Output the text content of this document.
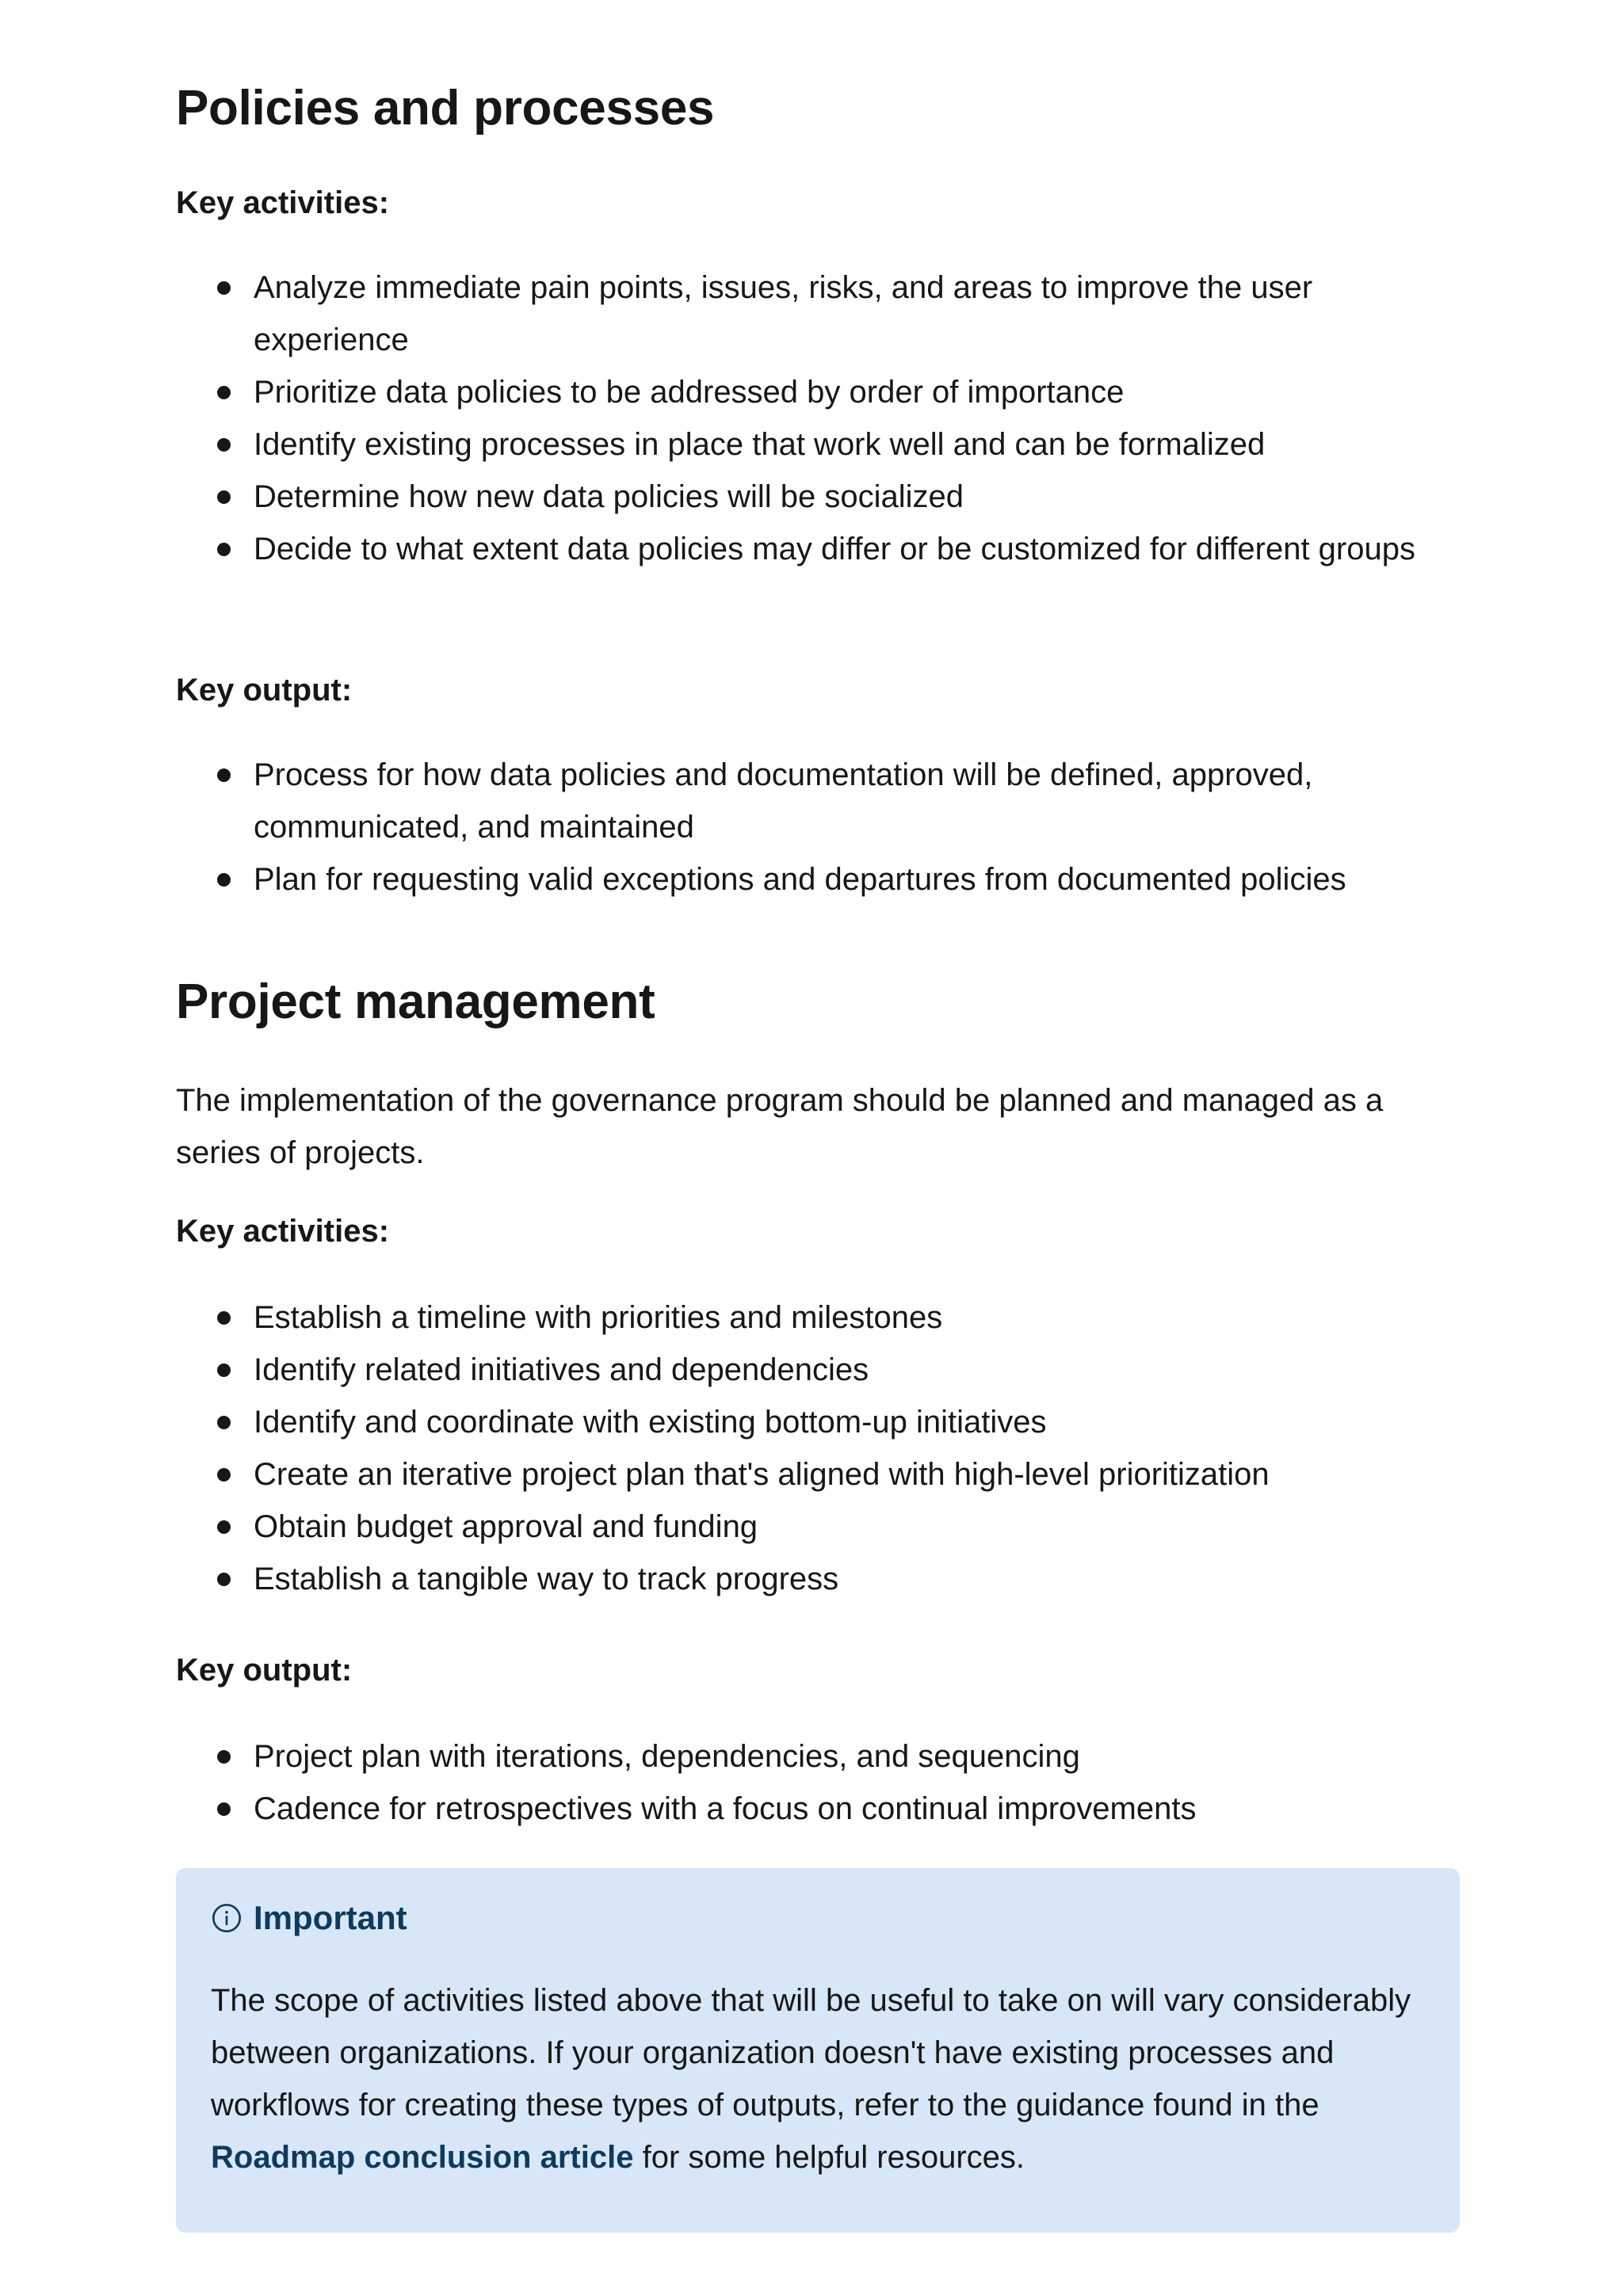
Policies and processes

Key activities:

Analyze immediate pain points, issues, risks, and areas to improve the user experience
Prioritize data policies to be addressed by order of importance
Identify existing processes in place that work well and can be formalized
Determine how new data policies will be socialized
Decide to what extent data policies may differ or be customized for different groups

Key output:

Process for how data policies and documentation will be defined, approved, communicated, and maintained
Plan for requesting valid exceptions and departures from documented policies
Project management

The implementation of the governance program should be planned and managed as a series of projects.

Key activities:

Establish a timeline with priorities and milestones
Identify related initiatives and dependencies
Identify and coordinate with existing bottom-up initiatives
Create an iterative project plan that's aligned with high-level prioritization
Obtain budget approval and funding
Establish a tangible way to track progress

Key output:

Project plan with iterations, dependencies, and sequencing
Cadence for retrospectives with a focus on continual improvements
Important

The scope of activities listed above that will be useful to take on will vary considerably between organizations. If your organization doesn't have existing processes and workflows for creating these types of outputs, refer to the guidance found in the Roadmap conclusion article for some helpful resources.
